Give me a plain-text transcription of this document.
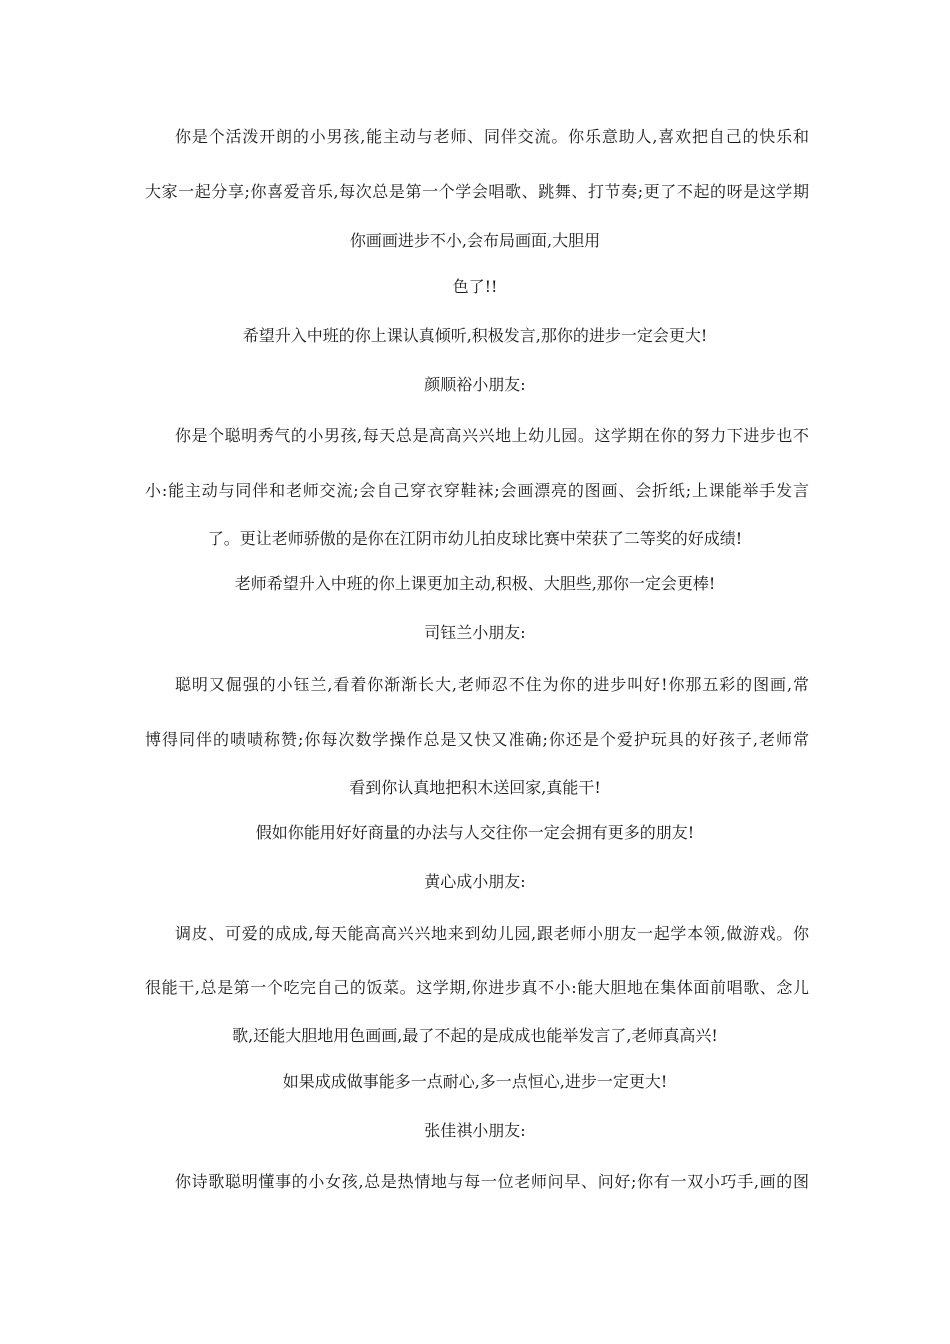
你是个活泼开朗的小男孩,能主动与老师、同伴交流。你乐意助人,喜欢把自己的快乐和
大家一起分享;你喜爱音乐,每次总是第一个学会唱歌、跳舞、打节奏;更了不起的呀是这学期
你画画进步不小,会布局画面,大胆用
色了!!
希望升入中班的你上课认真倾听,积极发言,那你的进步一定会更大!
颜顺裕小朋友:
你是个聪明秀气的小男孩,每天总是高高兴兴地上幼儿园。这学期在你的努力下进步也不
小:能主动与同伴和老师交流;会自己穿衣穿鞋袜;会画漂亮的图画、会折纸;上课能举手发言
了。更让老师骄傲的是你在江阴市幼儿拍皮球比赛中荣获了二等奖的好成绩!
老师希望升入中班的你上课更加主动,积极、大胆些,那你一定会更棒!
司钰兰小朋友:
聪明又倔强的小钰兰,看着你渐渐长大,老师忍不住为你的进步叫好!你那五彩的图画,常
博得同伴的啧啧称赞;你每次数学操作总是又快又准确;你还是个爱护玩具的好孩子,老师常
看到你认真地把积木送回家,真能干!
假如你能用好好商量的办法与人交往你一定会拥有更多的朋友!
黄心成小朋友:
调皮、可爱的成成,每天能高高兴兴地来到幼儿园,跟老师小朋友一起学本领,做游戏。你
很能干,总是第一个吃完自己的饭菜。这学期,你进步真不小:能大胆地在集体面前唱歌、念儿
歌,还能大胆地用色画画,最了不起的是成成也能举发言了,老师真高兴!
如果成成做事能多一点耐心,多一点恒心,进步一定更大!
张佳祺小朋友:
你诗歌聪明懂事的小女孩,总是热情地与每一位老师问早、问好;你有一双小巧手,画的图
